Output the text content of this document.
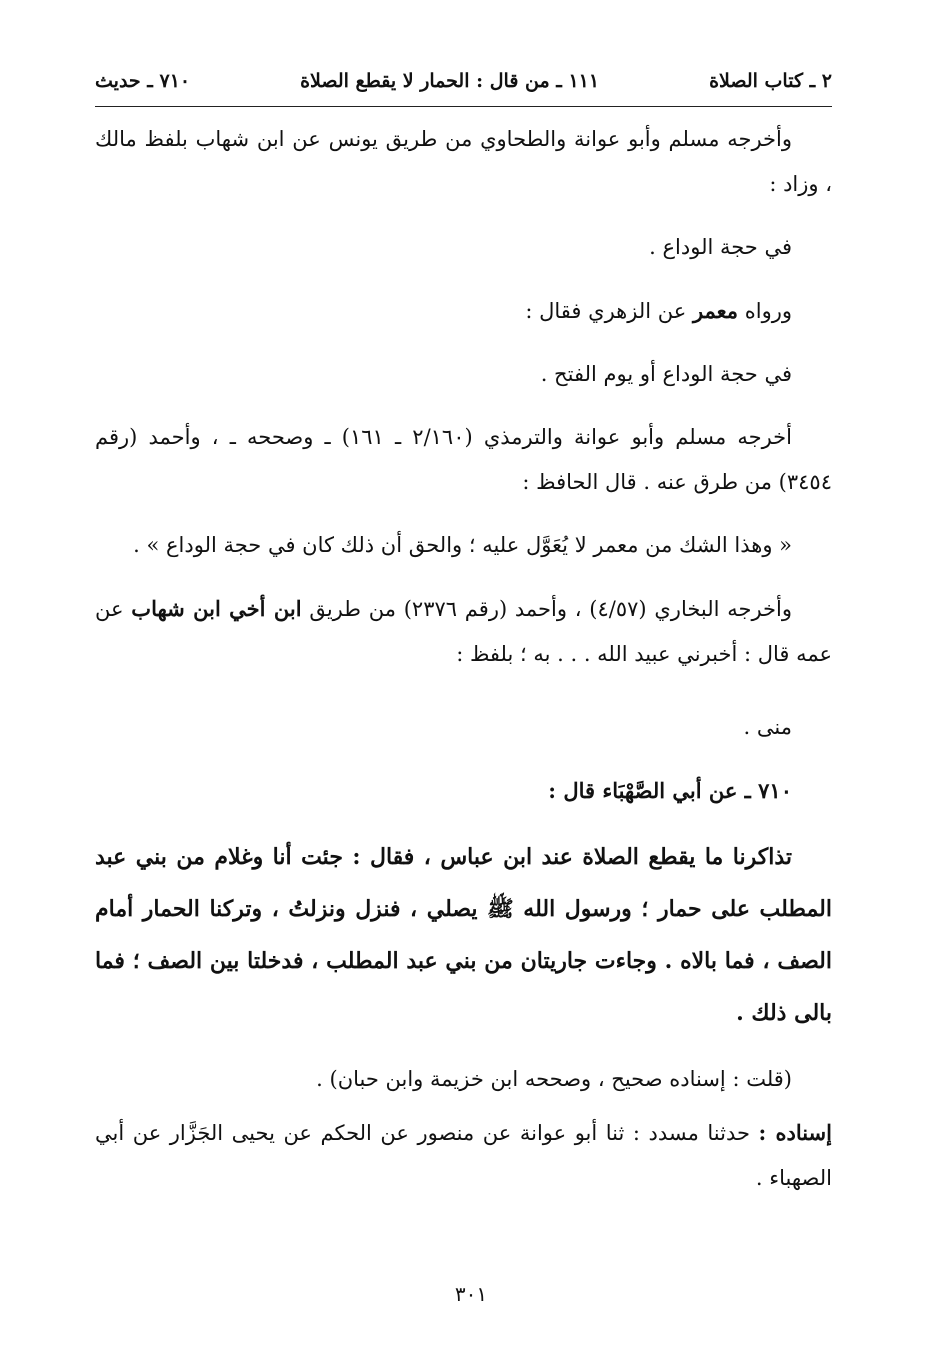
٢ ـ كتاب الصلاة
١١١ ـ من قال : الحمار لا يقطع الصلاة
٧١٠ ـ حديث

وأخرجه مسلم وأبو عوانة والطحاوي من طريق يونس عن ابن شهاب بلفظ مالك ، وزاد :

في حجة الوداع .

ورواه معمر عن الزهري فقال :

في حجة الوداع أو يوم الفتح .

أخرجه مسلم وأبو عوانة والترمذي (٢/١٦٠ ـ ١٦١) ـ وصححه ـ ، وأحمد (رقم ٣٤٥٤) من طرق عنه . قال الحافظ :

« وهذا الشك من معمر لا يُعَوَّل عليه ؛ والحق أن ذلك كان في حجة الوداع » .

وأخرجه البخاري (٤/٥٧) ، وأحمد (رقم ٢٣٧٦) من طريق ابن أخي ابن شهاب عن عمه قال : أخبرني عبيد الله . . . به ؛ بلفظ :

منى .

٧١٠ ـ عن أبي الصَّهْبَاء قال :

تذاكرنا ما يقطع الصلاة عند ابن عباس ، فقال : جئت أنا وغلام من بني عبد المطلب على حمار ؛ ورسول الله ﷺ يصلي ، فنزل ونزلتُ ، وتركنا الحمار أمام الصف ، فما بالاه . وجاءت جاريتان من بني عبد المطلب ، فدخلتا بين الصف ؛ فما بالى ذلك .

(قلت : إسناده صحيح ، وصححه ابن خزيمة وابن حبان) .

إسناده : حدثنا مسدد : ثنا أبو عوانة عن منصور عن الحكم عن يحيى الجَزَّار عن أبي الصهباء .

٣٠١
